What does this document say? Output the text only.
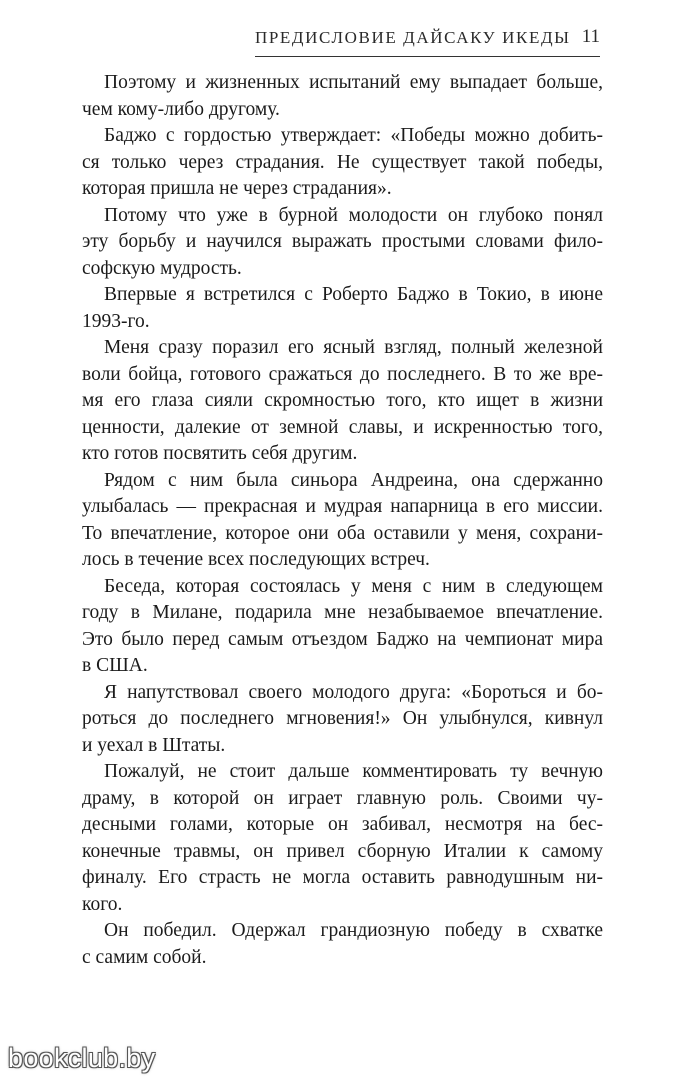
ПРЕДИСЛОВИЕ ДАЙСАКУ ИКЕДЫ 11
Поэтому и жизненных испытаний ему выпадает больше,
чем кому-либо другому.
Баджо с гордостью утверждает: «Победы можно добить-
ся только через страдания. Не существует такой победы,
которая пришла не через страдания».
Потому что уже в бурной молодости он глубоко понял
эту борьбу и научился выражать простыми словами фило-
софскую мудрость.
Впервые я встретился с Роберто Баджо в Токио, в июне
1993-го.
Меня сразу поразил его ясный взгляд, полный железной
воли бойца, готового сражаться до последнего. В то же вре-
мя его глаза сияли скромностью того, кто ищет в жизни
ценности, далекие от земной славы, и искренностью того,
кто готов посвятить себя другим.
Рядом с ним была синьора Андреина, она сдержанно
улыбалась — прекрасная и мудрая напарница в его миссии.
То впечатление, которое они оба оставили у меня, сохрани-
лось в течение всех последующих встреч.
Беседа, которая состоялась у меня с ним в следующем
году в Милане, подарила мне незабываемое впечатление.
Это было перед самым отъездом Баджо на чемпионат мира
в США.
Я напутствовал своего молодого друга: «Бороться и бо-
роться до последнего мгновения!» Он улыбнулся, кивнул
и уехал в Штаты.
Пожалуй, не стоит дальше комментировать ту вечную
драму, в которой он играет главную роль. Своими чу-
десными голами, которые он забивал, несмотря на бес-
конечные травмы, он привел сборную Италии к самому
финалу. Его страсть не могла оставить равнодушным ни-
кого.
Он победил. Одержал грандиозную победу в схватке
с самим собой.
bookclub.by
